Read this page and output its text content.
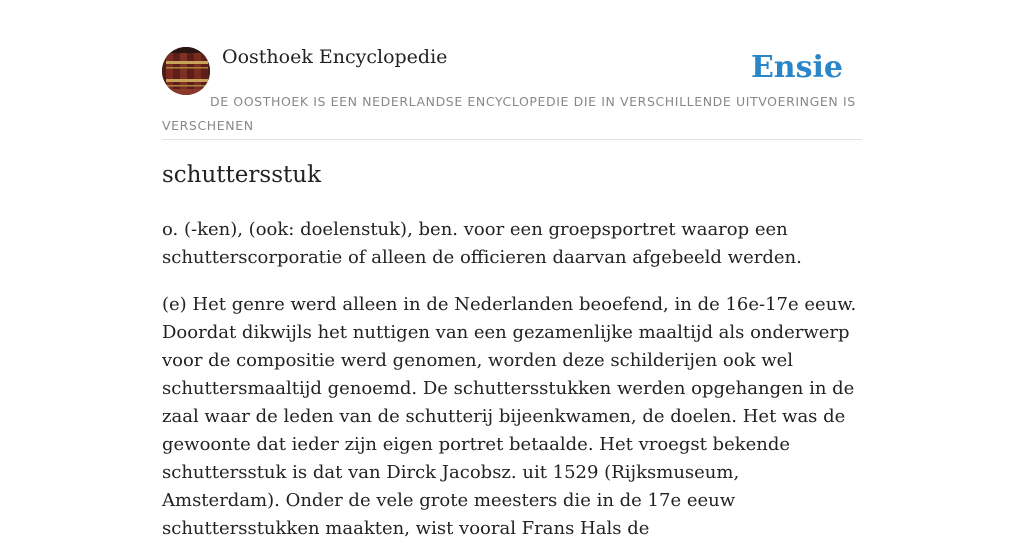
Oosthoek Encyclopedie	Ensie
DE OOSTHOEK IS EEN NEDERLANDSE ENCYCLOPEDIE DIE IN VERSCHILLENDE UITVOERINGEN IS VERSCHENEN
schuttersstuk

o. (-ken), (ook: doelenstuk), ben. voor een groepsportret waarop een schutterscorporatie of alleen de officieren daarvan afgebeeld werden.

(e) Het genre werd alleen in de Nederlanden beoefend, in de 16e-17e eeuw. Doordat dikwijls het nuttigen van een gezamenlijke maaltijd als onderwerp voor de compositie werd genomen, worden deze schilderijen ook wel schuttersmaaltijd genoemd. De schuttersstukken werden opgehangen in de zaal waar de leden van de schutterij bijeenkwamen, de doelen. Het was de gewoonte dat ieder zijn eigen portret betaalde. Het vroegst bekende schuttersstuk is dat van Dirck Jacobsz. uit 1529 (Rijksmuseum, Amsterdam). Onder de vele grote meesters die in de 17e eeuw schuttersstukken maakten, wist vooral Frans Hals de
